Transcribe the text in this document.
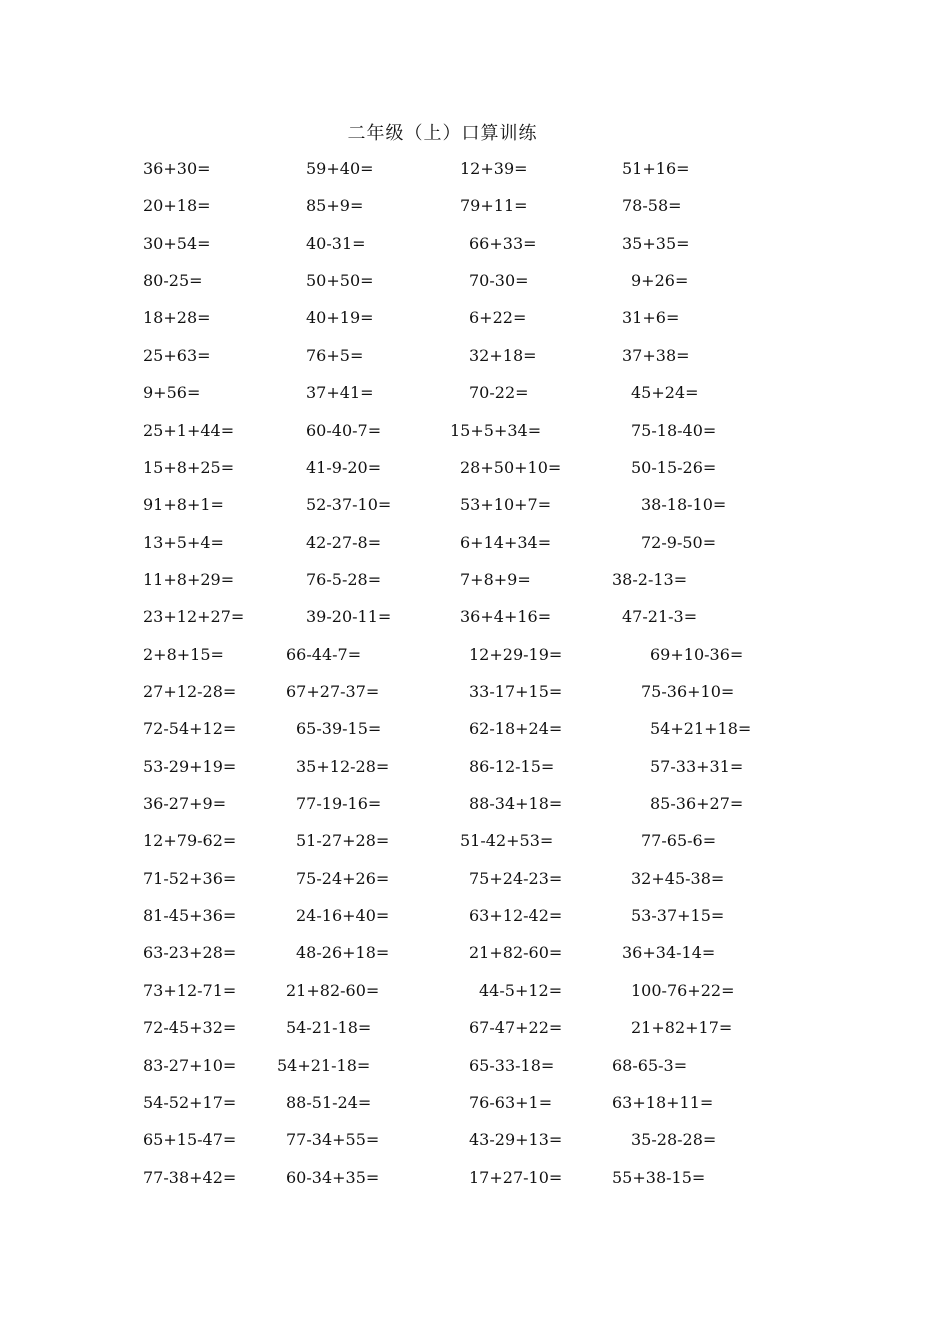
二年级（上）口算训练
36+30=	59+40=	12+39=	51+16=
20+18=	85+9=	79+11=	78-58=
30+54=	40-31=	66+33=	35+35=
80-25=	50+50=	70-30=	9+26=
18+28=	40+19=	6+22=	31+6=
25+63=	76+5=	32+18=	37+38=
9+56=	37+41=	70-22=	45+24=
25+1+44=	60-40-7=	15+5+34=	75-18-40=
15+8+25=	41-9-20=	28+50+10=	50-15-26=
91+8+1=	52-37-10=	53+10+7=	38-18-10=
13+5+4=	42-27-8=	6+14+34=	72-9-50=
11+8+29=	76-5-28=	7+8+9=	38-2-13=
23+12+27=	39-20-11=	36+4+16=	47-21-3=
2+8+15=	66-44-7=	12+29-19=	69+10-36=
27+12-28=	67+27-37=	33-17+15=	75-36+10=
72-54+12=	65-39-15=	62-18+24=	54+21+18=
53-29+19=	35+12-28=	86-12-15=	57-33+31=
36-27+9=	77-19-16=	88-34+18=	85-36+27=
12+79-62=	51-27+28=	51-42+53=	77-65-6=
71-52+36=	75-24+26=	75+24-23=	32+45-38=
81-45+36=	24-16+40=	63+12-42=	53-37+15=
63-23+28=	48-26+18=	21+82-60=	36+34-14=
73+12-71=	21+82-60=	44-5+12=	100-76+22=
72-45+32=	54-21-18=	67-47+22=	21+82+17=
83-27+10=	54+21-18=	65-33-18=	68-65-3=
54-52+17=	88-51-24=	76-63+1=	63+18+11=
65+15-47=	77-34+55=	43-29+13=	35-28-28=
77-38+42=	60-34+35=	17+27-10=	55+38-15=
